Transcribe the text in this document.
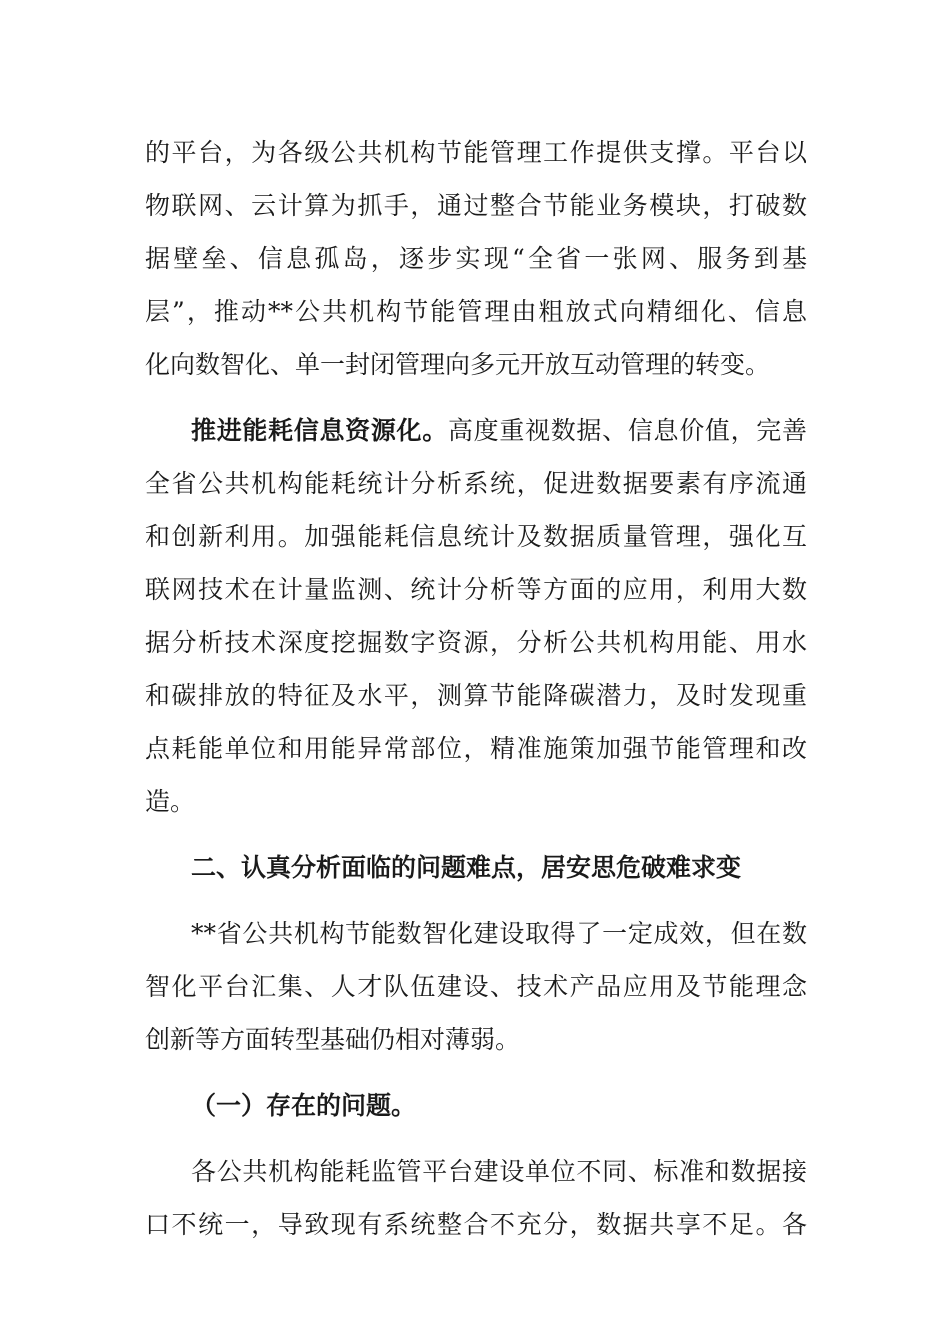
的平台，为各级公共机构节能管理工作提供支撑。平台以
物联网、云计算为抓手，通过整合节能业务模块，打破数
据壁垒、信息孤岛，逐步实现“全省一张网、服务到基
层”，推动**公共机构节能管理由粗放式向精细化、信息
化向数智化、单一封闭管理向多元开放互动管理的转变。
推进能耗信息资源化。高度重视数据、信息价值，完善
全省公共机构能耗统计分析系统，促进数据要素有序流通
和创新利用。加强能耗信息统计及数据质量管理，强化互
联网技术在计量监测、统计分析等方面的应用，利用大数
据分析技术深度挖掘数字资源，分析公共机构用能、用水
和碳排放的特征及水平，测算节能降碳潜力，及时发现重
点耗能单位和用能异常部位，精准施策加强节能管理和改
造。
二、认真分析面临的问题难点，居安思危破难求变
**省公共机构节能数智化建设取得了一定成效，但在数
智化平台汇集、人才队伍建设、技术产品应用及节能理念
创新等方面转型基础仍相对薄弱。
（一）存在的问题。
各公共机构能耗监管平台建设单位不同、标准和数据接
口不统一，导致现有系统整合不充分，数据共享不足。各
